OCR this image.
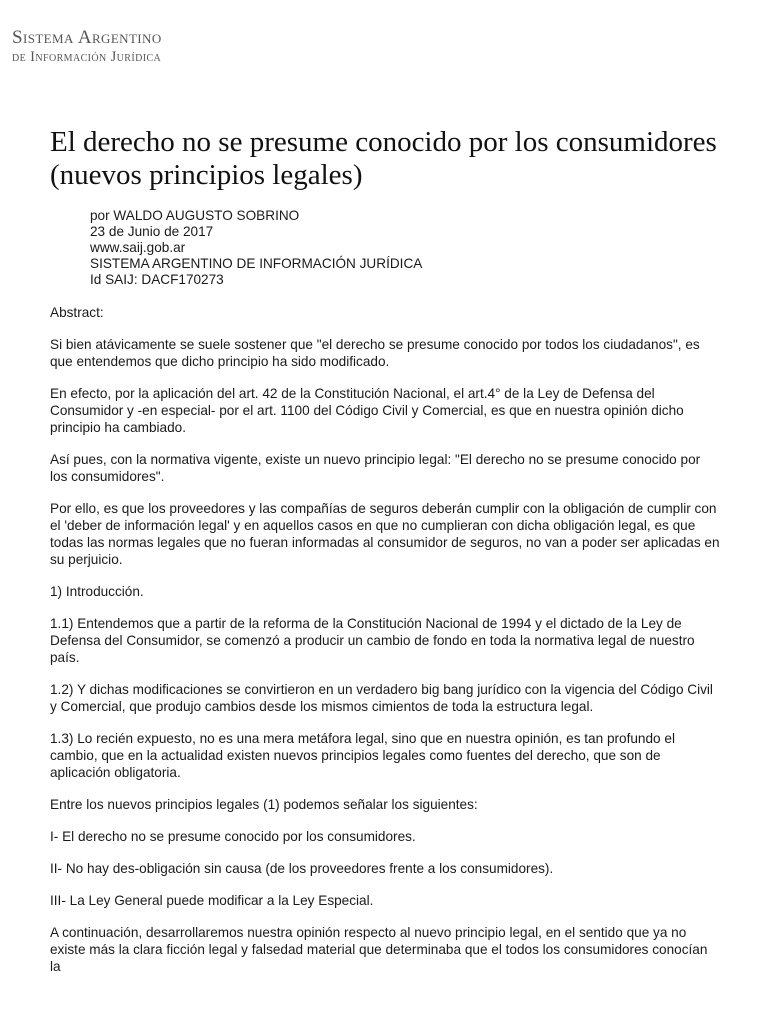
Sistema Argentino
de Información Jurídica
El derecho no se presume conocido por los consumidores (nuevos principios legales)
por WALDO AUGUSTO SOBRINO
23 de Junio de 2017
www.saij.gob.ar
SISTEMA ARGENTINO DE INFORMACIÓN JURÍDICA
Id SAIJ: DACF170273

Abstract:

Si bien atávicamente se suele sostener que "el derecho se presume conocido por todos los ciudadanos", es que entendemos que dicho principio ha sido modificado.

En efecto, por la aplicación del art. 42 de la Constitución Nacional, el art.4° de la Ley de Defensa del Consumidor y -en especial- por el art. 1100 del Código Civil y Comercial, es que en nuestra opinión dicho principio ha cambiado.

Así pues, con la normativa vigente, existe un nuevo principio legal: "El derecho no se presume conocido por los consumidores".

Por ello, es que los proveedores y las compañías de seguros deberán cumplir con la obligación de cumplir con el 'deber de información legal' y en aquellos casos en que no cumplieran con dicha obligación legal, es que todas las normas legales que no fueran informadas al consumidor de seguros, no van a poder ser aplicadas en su perjuicio.

1) Introducción.

1.1) Entendemos que a partir de la reforma de la Constitución Nacional de 1994 y el dictado de la Ley de Defensa del Consumidor, se comenzó a producir un cambio de fondo en toda la normativa legal de nuestro país.

1.2) Y dichas modificaciones se convirtieron en un verdadero big bang jurídico con la vigencia del Código Civil y Comercial, que produjo cambios desde los mismos cimientos de toda la estructura legal.

1.3) Lo recién expuesto, no es una mera metáfora legal, sino que en nuestra opinión, es tan profundo el cambio, que en la actualidad existen nuevos principios legales como fuentes del derecho, que son de aplicación obligatoria.

Entre los nuevos principios legales (1) podemos señalar los siguientes:

I- El derecho no se presume conocido por los consumidores.

II- No hay des-obligación sin causa (de los proveedores frente a los consumidores).

III- La Ley General puede modificar a la Ley Especial.

A continuación, desarrollaremos nuestra opinión respecto al nuevo principio legal, en el sentido que ya no existe más la clara ficción legal y falsedad material que determinaba que el todos los consumidores conocían la
